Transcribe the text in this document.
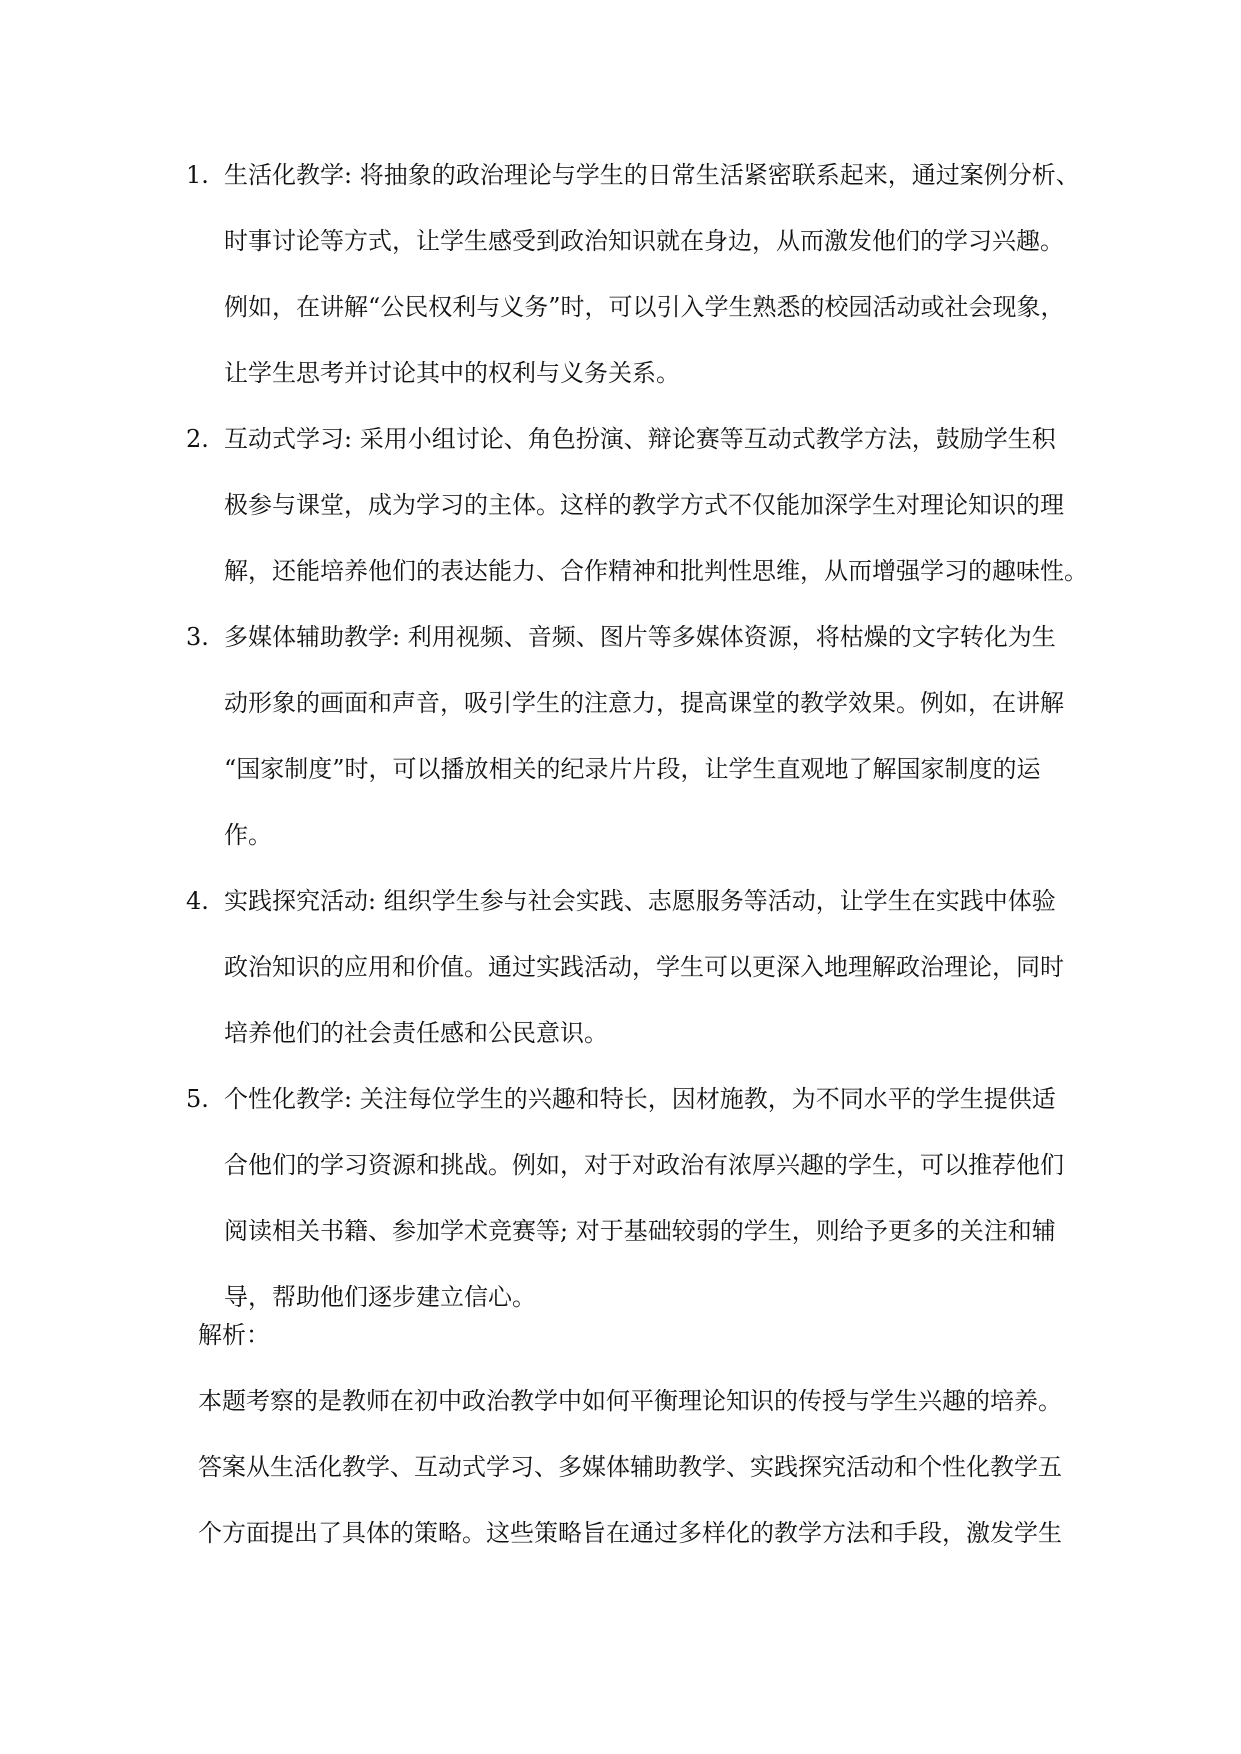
1. 生活化教学: 将抽象的政治理论与学生的日常生活紧密联系起来，通过案例分析、
时事讨论等方式，让学生感受到政治知识就在身边，从而激发他们的学习兴趣。
例如，在讲解“公民权利与义务”时，可以引入学生熟悉的校园活动或社会现象，
让学生思考并讨论其中的权利与义务关系。
2. 互动式学习: 采用小组讨论、角色扮演、辩论赛等互动式教学方法，鼓励学生积
极参与课堂，成为学习的主体。这样的教学方式不仅能加深学生对理论知识的理
解，还能培养他们的表达能力、合作精神和批判性思维，从而增强学习的趣味性。
3. 多媒体辅助教学: 利用视频、音频、图片等多媒体资源，将枯燥的文字转化为生
动形象的画面和声音，吸引学生的注意力，提高课堂的教学效果。例如，在讲解
“国家制度”时，可以播放相关的纪录片片段，让学生直观地了解国家制度的运
作。
4. 实践探究活动: 组织学生参与社会实践、志愿服务等活动，让学生在实践中体验
政治知识的应用和价值。通过实践活动，学生可以更深入地理解政治理论，同时
培养他们的社会责任感和公民意识。
5. 个性化教学: 关注每位学生的兴趣和特长，因材施教，为不同水平的学生提供适
合他们的学习资源和挑战。例如，对于对政治有浓厚兴趣的学生，可以推荐他们
阅读相关书籍、参加学术竞赛等; 对于基础较弱的学生，则给予更多的关注和辅
导，帮助他们逐步建立信心。
解析：
本题考察的是教师在初中政治教学中如何平衡理论知识的传授与学生兴趣的培养。
答案从生活化教学、互动式学习、多媒体辅助教学、实践探究活动和个性化教学五
个方面提出了具体的策略。这些策略旨在通过多样化的教学方法和手段，激发学生
